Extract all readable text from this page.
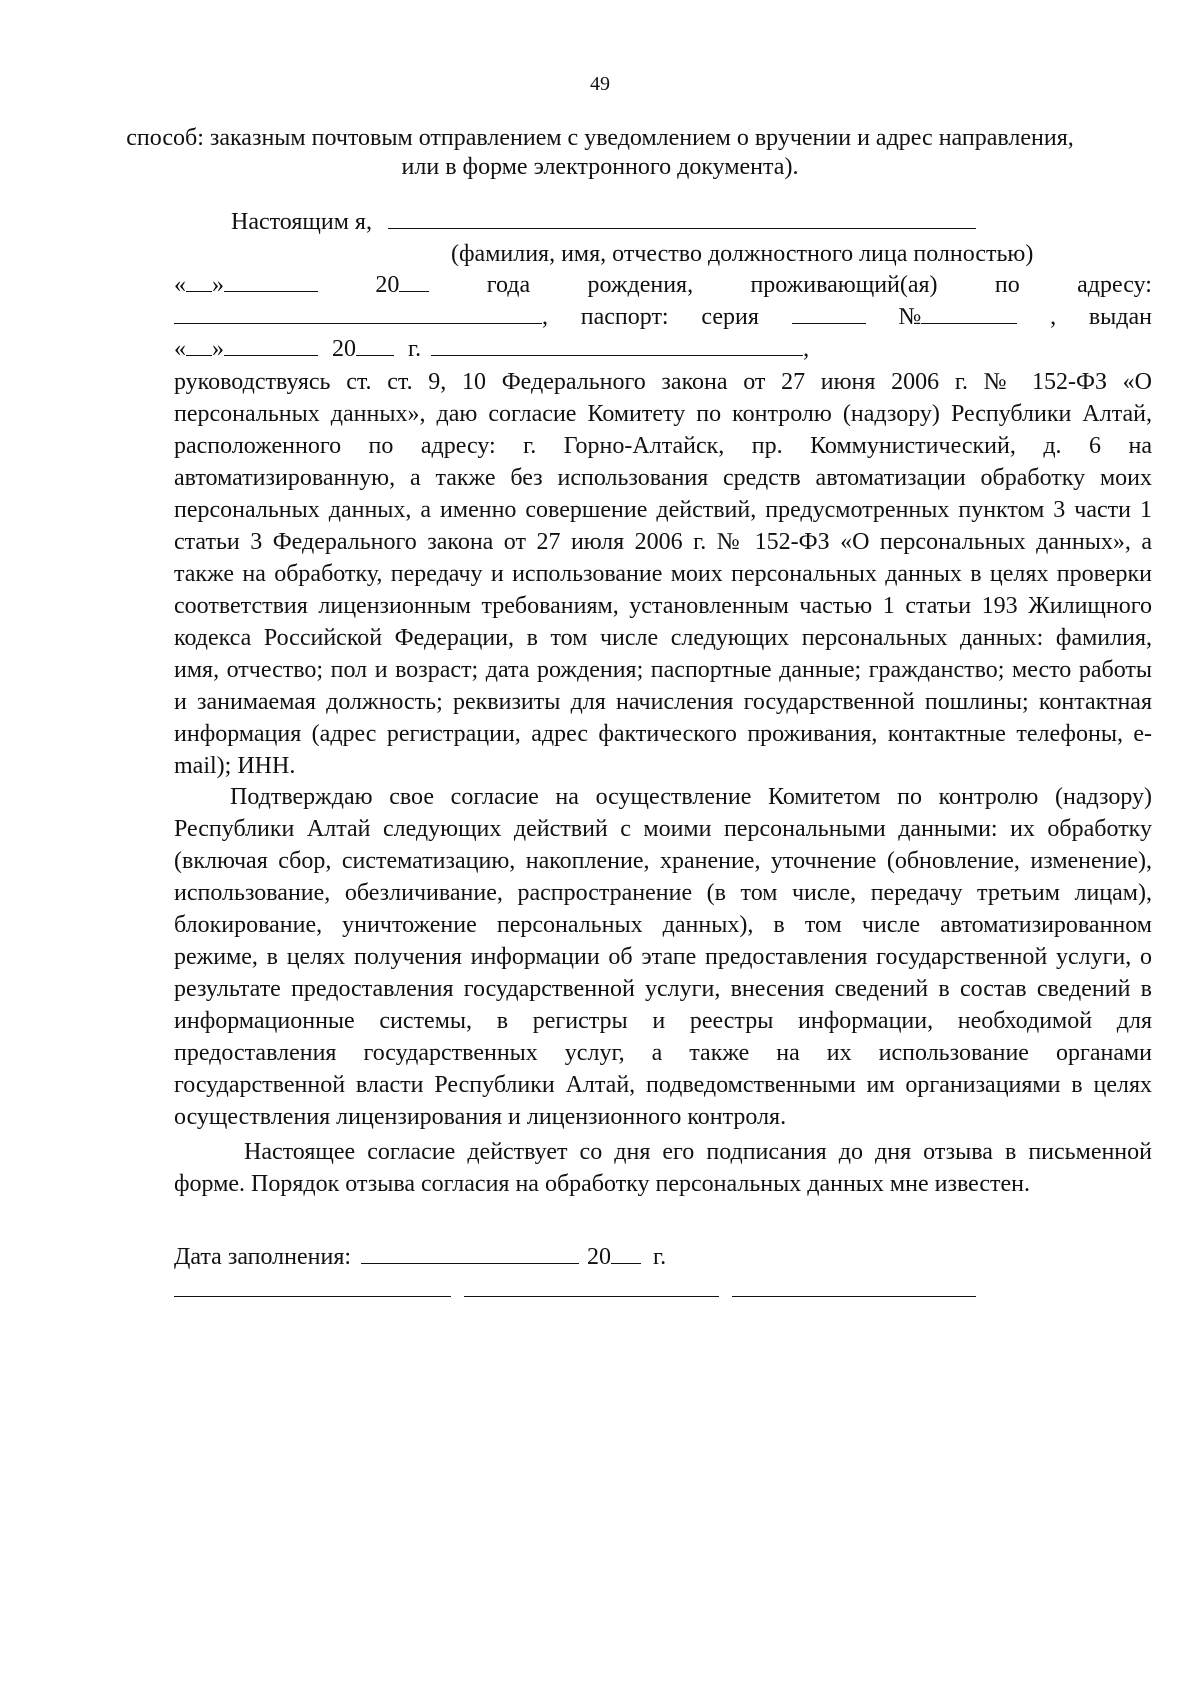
49
способ: заказным почтовым отправлением с уведомлением о вручении и адрес направления,
или в форме электронного документа).
Настоящим я,
(фамилия, имя, отчество должностного лица полностью)
« »	20	года рождения, проживающий(ая) по адресу:
, паспорт: серия	№	, выдан
« »	20 г.	,
руководствуясь ст. ст. 9, 10 Федерального закона от 27 июня 2006 г. № 152-ФЗ «О
персональных данных», даю согласие Комитету по контролю (надзору) Республики Алтай,
расположенного по адресу: г. Горно-Алтайск, пр. Коммунистический, д. 6 на
автоматизированную, а также без использования средств автоматизации обработку моих
персональных данных, а именно совершение действий, предусмотренных пунктом 3 части 1
статьи 3 Федерального закона от 27 июля 2006 г. № 152-ФЗ «О персональных данных», а
также на обработку, передачу и использование моих персональных данных в целях проверки
соответствия лицензионным требованиям, установленным частью 1 статьи 193 Жилищного
кодекса Российской Федерации, в том числе следующих персональных данных: фамилия,
имя, отчество; пол и возраст; дата рождения; паспортные данные; гражданство; место работы
и занимаемая должность; реквизиты для начисления государственной пошлины; контактная
информация (адрес регистрации, адрес фактического проживания, контактные телефоны, e-
mail); ИНН.
Подтверждаю свое согласие на осуществление Комитетом по контролю (надзору)
Республики Алтай следующих действий с моими персональными данными: их обработку
(включая сбор, систематизацию, накопление, хранение, уточнение (обновление, изменение),
использование, обезличивание, распространение (в том числе, передачу третьим лицам),
блокирование, уничтожение персональных данных), в том числе автоматизированном
режиме, в целях получения информации об этапе предоставления государственной услуги, о
результате предоставления государственной услуги, внесения сведений в состав сведений в
информационные системы, в регистры и реестры информации, необходимой для
предоставления государственных услуг, а также на их использование органами
государственной власти Республики Алтай, подведомственными им организациями в целях
осуществления лицензирования и лицензионного контроля.
Настоящее согласие действует со дня его подписания до дня отзыва в письменной
форме. Порядок отзыва согласия на обработку персональных данных мне известен.
Дата заполнения:	20 г.
